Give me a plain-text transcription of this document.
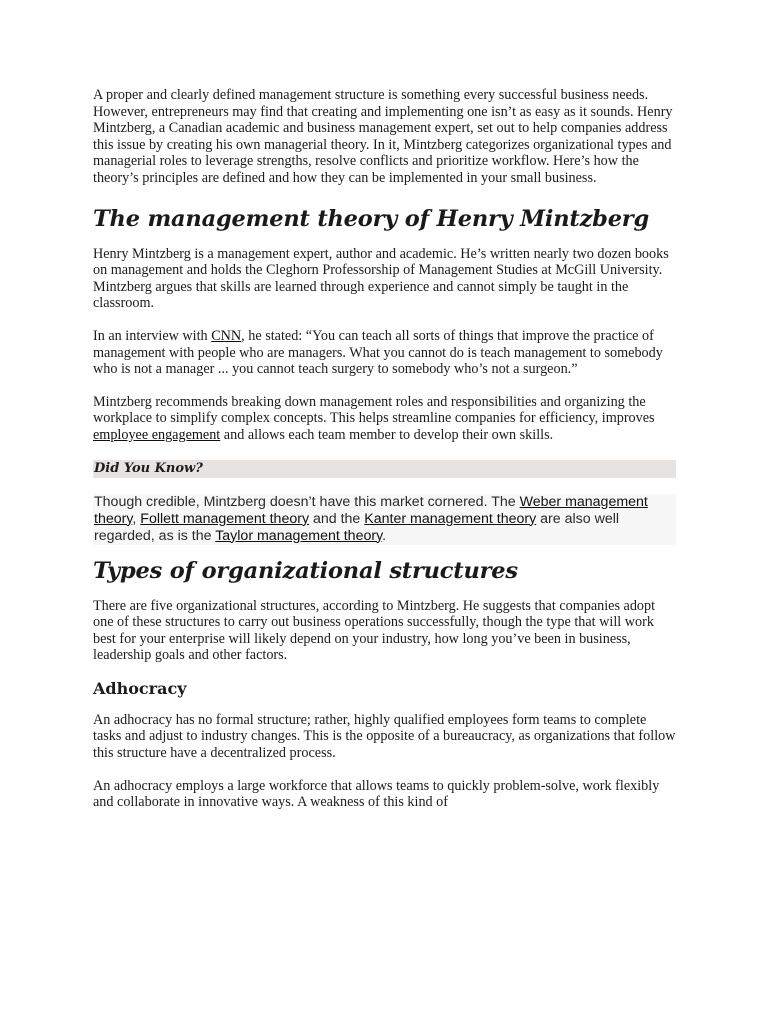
A proper and clearly defined management structure is something every successful business needs. However, entrepreneurs may find that creating and implementing one isn’t as easy as it sounds. Henry Mintzberg, a Canadian academic and business management expert, set out to help companies address this issue by creating his own managerial theory. In it, Mintzberg categorizes organizational types and managerial roles to leverage strengths, resolve conflicts and prioritize workflow. Here’s how the theory’s principles are defined and how they can be implemented in your small business.

The management theory of Henry Mintzberg

Henry Mintzberg is a management expert, author and academic. He’s written nearly two dozen books on management and holds the Cleghorn Professorship of Management Studies at McGill University. Mintzberg argues that skills are learned through experience and cannot simply be taught in the classroom.

In an interview with CNN, he stated: “You can teach all sorts of things that improve the practice of management with people who are managers. What you cannot do is teach management to somebody who is not a manager ... you cannot teach surgery to somebody who’s not a surgeon.”

Mintzberg recommends breaking down management roles and responsibilities and organizing the workplace to simplify complex concepts. This helps streamline companies for efficiency, improves employee engagement and allows each team member to develop their own skills.

Did You Know?
Though credible, Mintzberg doesn’t have this market cornered. The Weber management theory, Follett management theory and the Kanter management theory are also well regarded, as is the Taylor management theory.
Types of organizational structures

There are five organizational structures, according to Mintzberg. He suggests that companies adopt one of these structures to carry out business operations successfully, though the type that will work best for your enterprise will likely depend on your industry, how long you’ve been in business, leadership goals and other factors.

Adhocracy

An adhocracy has no formal structure; rather, highly qualified employees form teams to complete tasks and adjust to industry changes. This is the opposite of a bureaucracy, as organizations that follow this structure have a decentralized process.

An adhocracy employs a large workforce that allows teams to quickly problem-solve, work flexibly and collaborate in innovative ways. A weakness of this kind of
